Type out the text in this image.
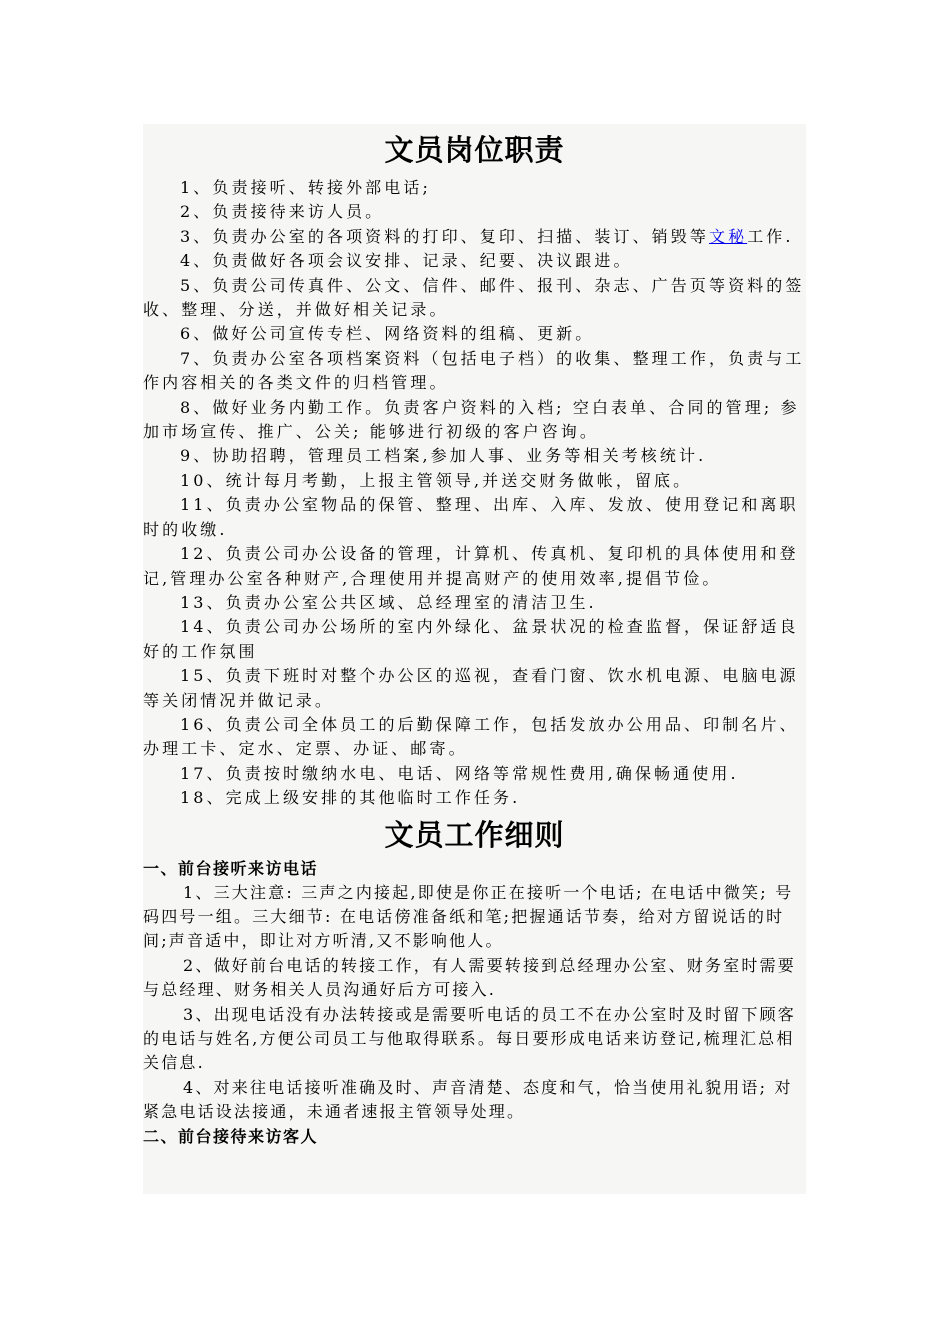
文员岗位职责

1、负责接听、转接外部电话;

2、负责接待来访人员。

3、负责办公室的各项资料的打印、复印、扫描、装订、销毁等文秘工作.

4、负责做好各项会议安排、记录、纪要、决议跟进。

5、负责公司传真件、公文、信件、邮件、报刊、杂志、广告页等资料的签收、整理、分送，并做好相关记录。

6、做好公司宣传专栏、网络资料的组稿、更新。

7、负责办公室各项档案资料（包括电子档）的收集、整理工作，负责与工作内容相关的各类文件的归档管理。

8、做好业务内勤工作。负责客户资料的入档; 空白表单、合同的管理; 参加市场宣传、推广、公关; 能够进行初级的客户咨询。

9、协助招聘，管理员工档案,参加人事、业务等相关考核统计.

10、统计每月考勤，上报主管领导,并送交财务做帐，留底。

11、负责办公室物品的保管、整理、出库、入库、发放、使用登记和离职时的收缴.

12、负责公司办公设备的管理，计算机、传真机、复印机的具体使用和登记,管理办公室各种财产,合理使用并提高财产的使用效率,提倡节俭。

13、负责办公室公共区域、总经理室的清洁卫生.

14、负责公司办公场所的室内外绿化、盆景状况的检查监督，保证舒适良好的工作氛围

15、负责下班时对整个办公区的巡视，查看门窗、饮水机电源、电脑电源等关闭情况并做记录。

16、负责公司全体员工的后勤保障工作，包括发放办公用品、印制名片、办理工卡、定水、定票、办证、邮寄。

17、负责按时缴纳水电、电话、网络等常规性费用,确保畅通使用.

18、完成上级安排的其他临时工作任务.

文员工作细则

一、前台接听来访电话

1、三大注意: 三声之内接起,即使是你正在接听一个电话; 在电话中微笑; 号码四号一组。三大细节: 在电话傍准备纸和笔;把握通话节奏，给对方留说话的时间;声音适中，即让对方听清,又不影响他人。

2、做好前台电话的转接工作，有人需要转接到总经理办公室、财务室时需要与总经理、财务相关人员沟通好后方可接入.

3、出现电话没有办法转接或是需要听电话的员工不在办公室时及时留下顾客的电话与姓名,方便公司员工与他取得联系。每日要形成电话来访登记,梳理汇总相关信息.

4、对来往电话接听准确及时、声音清楚、态度和气，恰当使用礼貌用语; 对紧急电话设法接通，未通者速报主管领导处理。

二、前台接待来访客人
